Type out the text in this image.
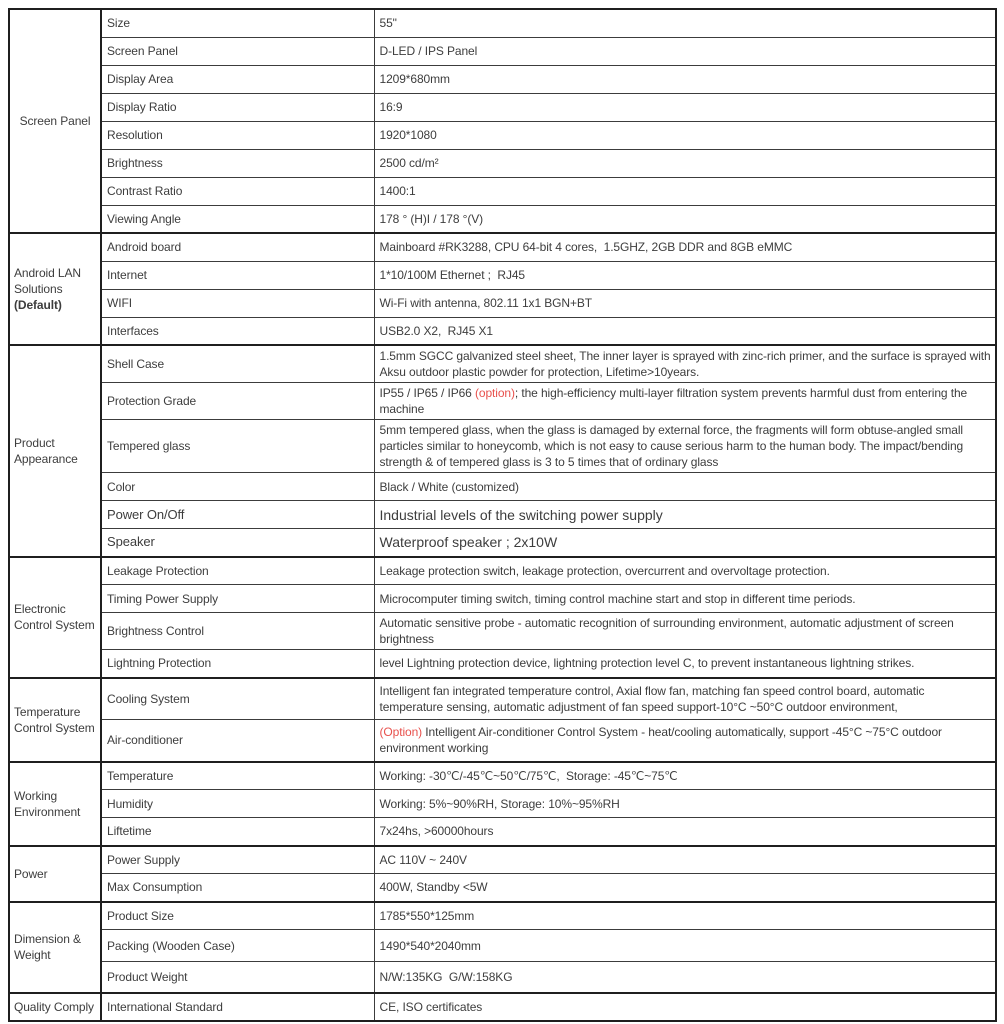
Screen Panel	Size	55"
	Screen Panel	D-LED / IPS Panel
	Display Area	1209*680mm
	Display Ratio	16:9
	Resolution	1920*1080
	Brightness	2500 cd/m²
	Contrast Ratio	1400:1
	Viewing Angle	178 ° (H)I / 178 °(V)
Android LAN Solutions (Default)	Android board	Mainboard #RK3288, CPU 64-bit 4 cores,  1.5GHZ, 2GB DDR and 8GB eMMC
	Internet	1*10/100M Ethernet ;  RJ45
	WIFI	Wi-Fi with antenna, 802.11 1x1 BGN+BT
	Interfaces	USB2.0 X2,  RJ45 X1
Product Appearance	Shell Case	1.5mm SGCC galvanized steel sheet, The inner layer is sprayed with zinc-rich primer, and the surface is sprayed with Aksu outdoor plastic powder for protection, Lifetime>10years.
	Protection Grade	IP55 / IP65 / IP66 (option); the high-efficiency multi-layer filtration system prevents harmful dust from entering the machine
	Tempered glass	5mm tempered glass, when the glass is damaged by external force, the fragments will form obtuse-angled small particles similar to honeycomb, which is not easy to cause serious harm to the human body. The impact/bending strength & of tempered glass is 3 to 5 times that of ordinary glass
	Color	Black / White (customized)
	Power On/Off	Industrial levels of the switching power supply
	Speaker	Waterproof speaker ; 2x10W
Electronic Control System	Leakage Protection	Leakage protection switch, leakage protection, overcurrent and overvoltage protection.
	Timing Power Supply	Microcomputer timing switch, timing control machine start and stop in different time periods.
	Brightness Control	Automatic sensitive probe - automatic recognition of surrounding environment, automatic adjustment of screen brightness
	Lightning Protection	level Lightning protection device, lightning protection level C, to prevent instantaneous lightning strikes.
Temperature Control System	Cooling System	Intelligent fan integrated temperature control, Axial flow fan, matching fan speed control board, automatic temperature sensing, automatic adjustment of fan speed support-10°C ~50°C outdoor environment,
	Air-conditioner	(Option) Intelligent Air-conditioner Control System - heat/cooling automatically, support -45°C ~75°C outdoor environment working
Working Environment	Temperature	Working: -30℃/-45℃~50℃/75℃,  Storage: -45℃~75℃
	Humidity	Working: 5%~90%RH, Storage: 10%~95%RH
	Liftetime	7x24hs, >60000hours
Power	Power Supply	AC 110V ~ 240V
	Max Consumption	400W, Standby <5W
Dimension & Weight	Product Size	1785*550*125mm
	Packing (Wooden Case)	1490*540*2040mm
	Product Weight	N/W:135KG  G/W:158KG
Quality Comply	International Standard	CE, ISO certificates
